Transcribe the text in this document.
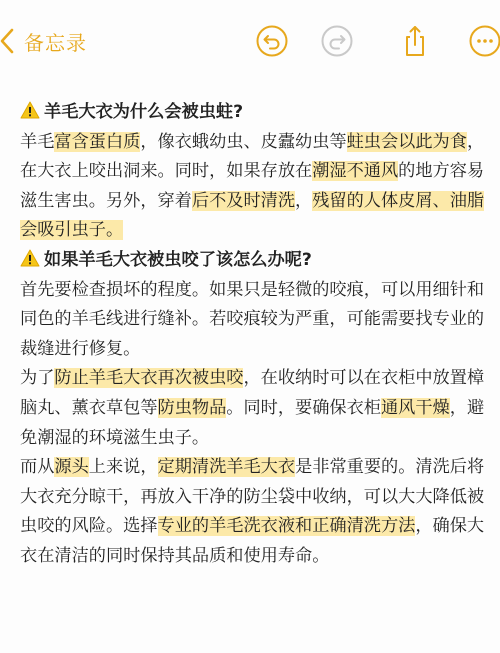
备忘录

羊毛大衣为什么会被虫蛀?

羊毛富含蛋白质，像衣蛾幼虫、皮蠹幼虫等蛀虫会以此为食，在大衣上咬出洞来。同时，如果存放在潮湿不通风的地方容易滋生害虫。另外，穿着后不及时清洗，残留的人体皮屑、油脂会吸引虫子。

如果羊毛大衣被虫咬了该怎么办呢?

首先要检查损坏的程度。如果只是轻微的咬痕，可以用细针和同色的羊毛线进行缝补。若咬痕较为严重，可能需要找专业的裁缝进行修复。

为了防止羊毛大衣再次被虫咬，在收纳时可以在衣柜中放置樟脑丸、薰衣草包等防虫物品。同时，要确保衣柜通风干燥，避免潮湿的环境滋生虫子。

而从源头上来说，定期清洗羊毛大衣是非常重要的。清洗后将大衣充分晾干，再放入干净的防尘袋中收纳，可以大大降低被虫咬的风险。选择专业的羊毛洗衣液和正确清洗方法，确保大衣在清洁的同时保持其品质和使用寿命。
